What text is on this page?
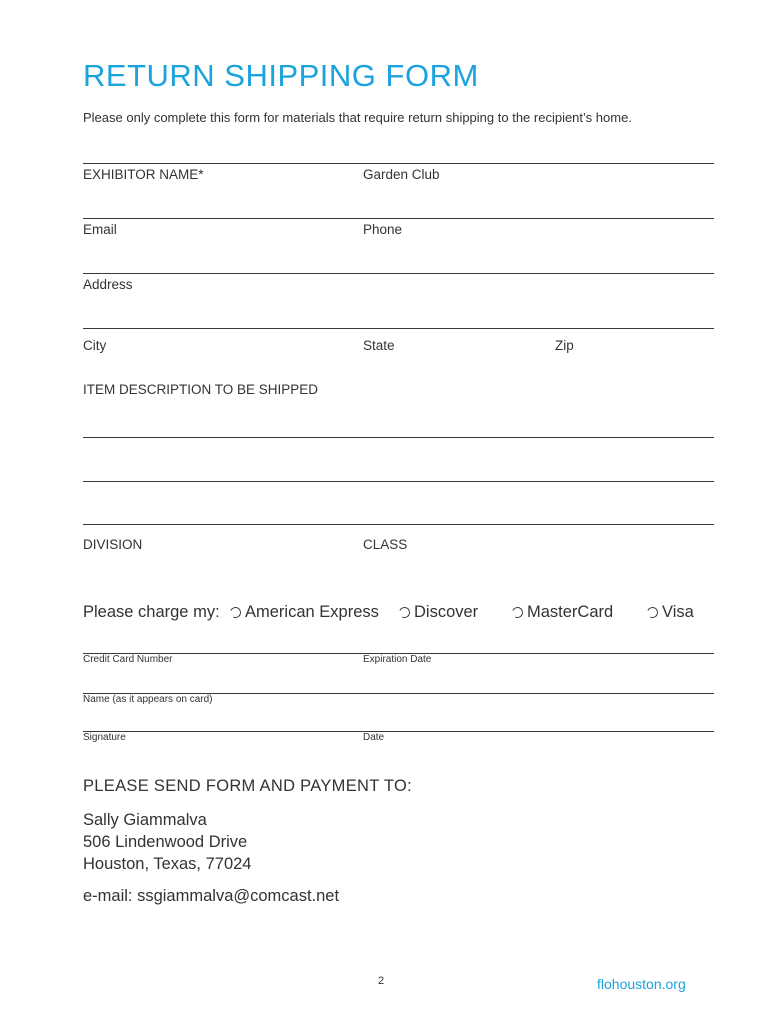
RETURN SHIPPING FORM
Please only complete this form for materials that require return shipping to the recipient’s home.
EXHIBITOR NAME*	Garden Club
Email	Phone
Address
City	State	Zip
ITEM DESCRIPTION TO BE SHIPPED
DIVISION	CLASS
Please charge my: American Express Discover	MasterCard	Visa
Credit Card Number	Expiration Date
Name (as it appears on card)
Signature	Date
PLEASE SEND FORM AND PAYMENT TO:
Sally Giammalva
506 Lindenwood Drive
Houston, Texas, 77024
e-mail: ssgiammalva@comcast.net
2	flohouston.org
